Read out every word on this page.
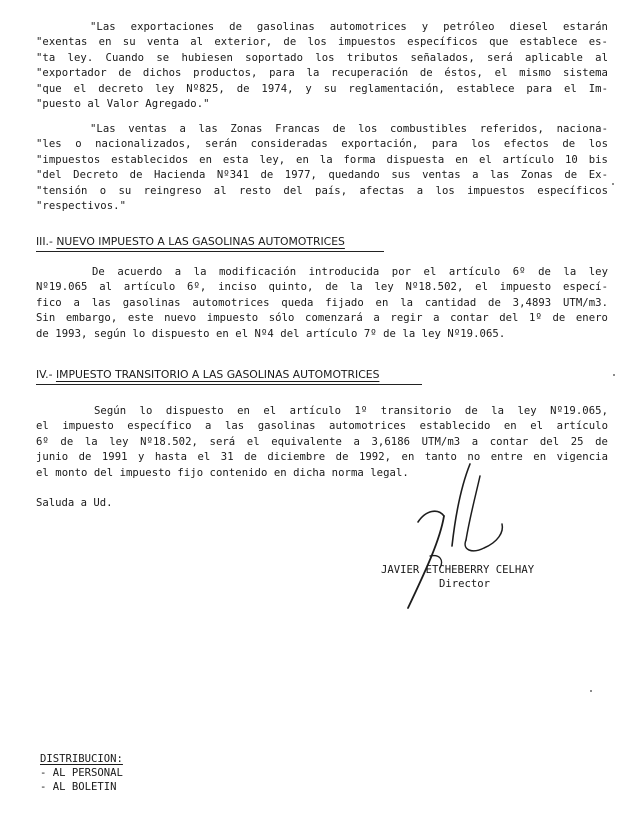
"Las exportaciones de gasolinas automotrices y petróleo diesel estarán
"exentas en su venta al exterior, de los impuestos específicos que establece es-
"ta ley. Cuando se hubiesen soportado los tributos señalados, será aplicable al
"exportador de dichos productos, para la recuperación de éstos, el mismo sistema
"que el decreto ley Nº825, de 1974, y su reglamentación, establece para el Im-
"puesto al Valor Agregado."
"Las ventas a las Zonas Francas de los combustibles referidos, naciona-
"les o nacionalizados, serán consideradas exportación, para los efectos de los
"impuestos establecidos en esta ley, en la forma dispuesta en el artículo 10 bis
"del Decreto de Hacienda Nº341 de 1977, quedando sus ventas a las Zonas de Ex-
"tensión o su reingreso al resto del país, afectas a los impuestos específicos
"respectivos."
III.- NUEVO IMPUESTO A LAS GASOLINAS AUTOMOTRICES
De acuerdo a la modificación introducida por el artículo 6º de la ley
Nº19.065 al artículo 6º, inciso quinto, de la ley Nº18.502, el impuesto especí-
fico a las gasolinas automotrices queda fijado en la cantidad de 3,4893 UTM/m3.
Sin embargo, este nuevo impuesto sólo comenzará a regir a contar del 1º de enero
de 1993, según lo dispuesto en el Nº4 del artículo 7º de la ley Nº19.065.
IV.- IMPUESTO TRANSITORIO A LAS GASOLINAS AUTOMOTRICES
Según lo dispuesto en el artículo 1º transitorio de la ley Nº19.065,
el impuesto específico a las gasolinas automotrices establecido en el artículo
6º de la ley Nº18.502, será el equivalente a 3,6186 UTM/m3 a contar del 25 de
junio de 1991 y hasta el 31 de diciembre de 1992, en tanto no entre en vigencia
el monto del impuesto fijo contenido en dicha norma legal.
Saluda a Ud.
JAVIER ETCHEBERRY CELHAY
Director
DISTRIBUCION:
- AL PERSONAL
- AL BOLETIN
